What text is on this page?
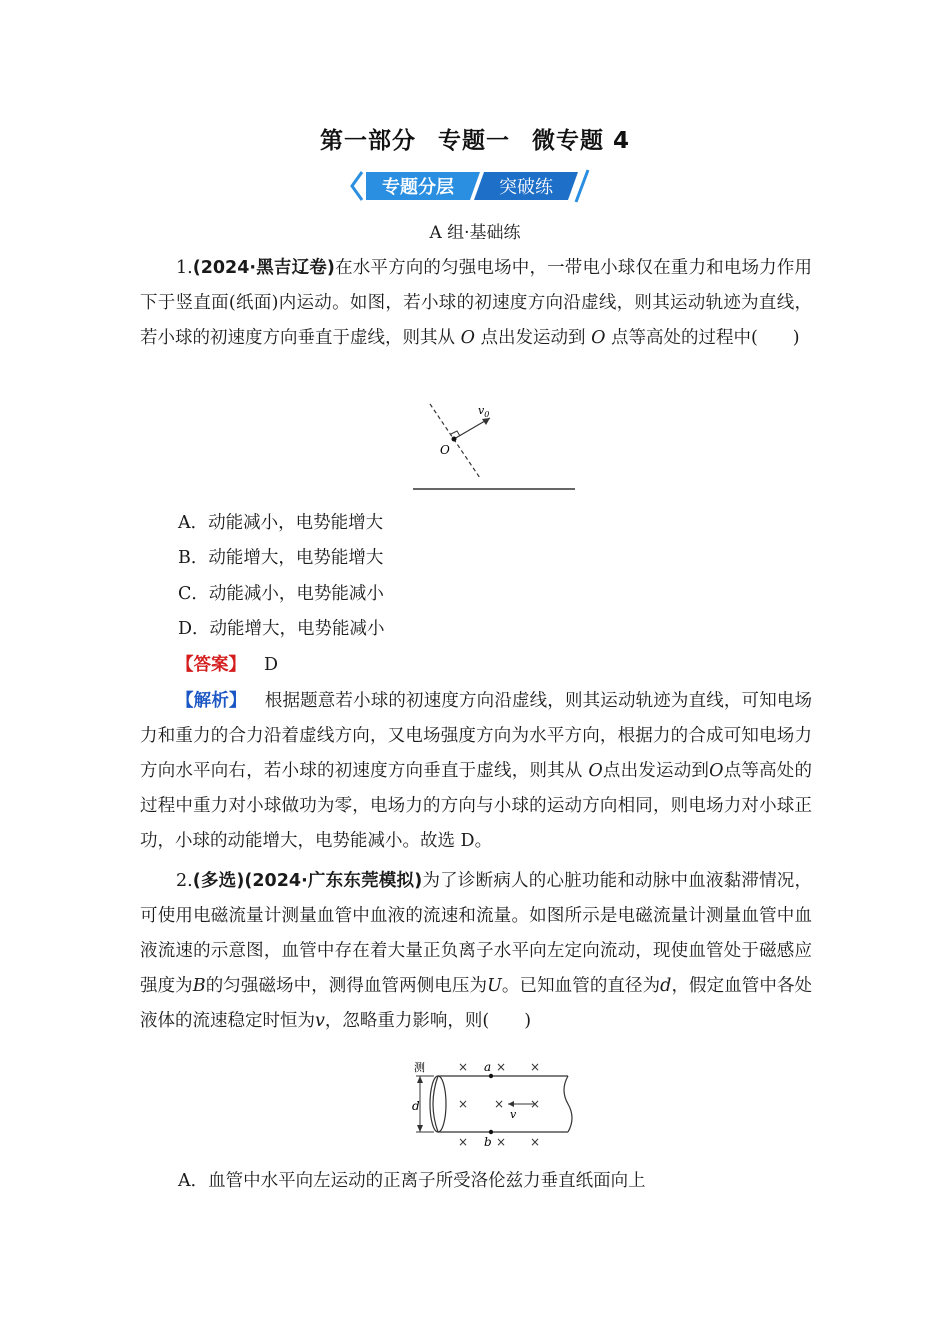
第一部分 专题一 微专题 4
专题分层	突破练
A 组·基础练
1.(2024·黑吉辽卷)在水平方向的匀强电场中，一带电小球仅在重力和电场力作用下于竖直面(纸面)内运动。如图，若小球的初速度方向沿虚线，则其运动轨迹为直线，若小球的初速度方向垂直于虚线，则其从 O 点出发运动到 O 点等高处的过程中(　　)
$v_0$
O
A．动能减小，电势能增大
B．动能增大，电势能增大
C．动能减小，电势能减小
D．动能增大，电势能减小
【答案】 D
【解析】 根据题意若小球的初速度方向沿虚线，则其运动轨迹为直线，可知电场力和重力的合力沿着虚线方向，又电场强度方向为水平方向，根据力的合成可知电场力方向水平向右，若小球的初速度方向垂直于虚线，则其从 O点出发运动到O点等高处的过程中重力对小球做功为零，电场力的方向与小球的运动方向相同，则电场力对小球正功，小球的动能增大，电势能减小。故选 D。
2.(多选)(2024·广东东莞模拟)为了诊断病人的心脏功能和动脉中血液黏滞情况，可使用电磁流量计测量血管中血液的流速和流量。如图所示是电磁流量计测量血管中血液流速的示意图，血管中存在着大量正负离子水平向左定向流动，现使血管处于磁感应强度为B的匀强磁场中，测得血管两侧电压为U。已知血管的直径为d，假定血管中各处液体的流速稳定时恒为v，忽略重力影响，则(　　)
测
d
× × ×
× × ×
× × ×
a
b
v
A．血管中水平向左运动的正离子所受洛伦兹力垂直纸面向上
